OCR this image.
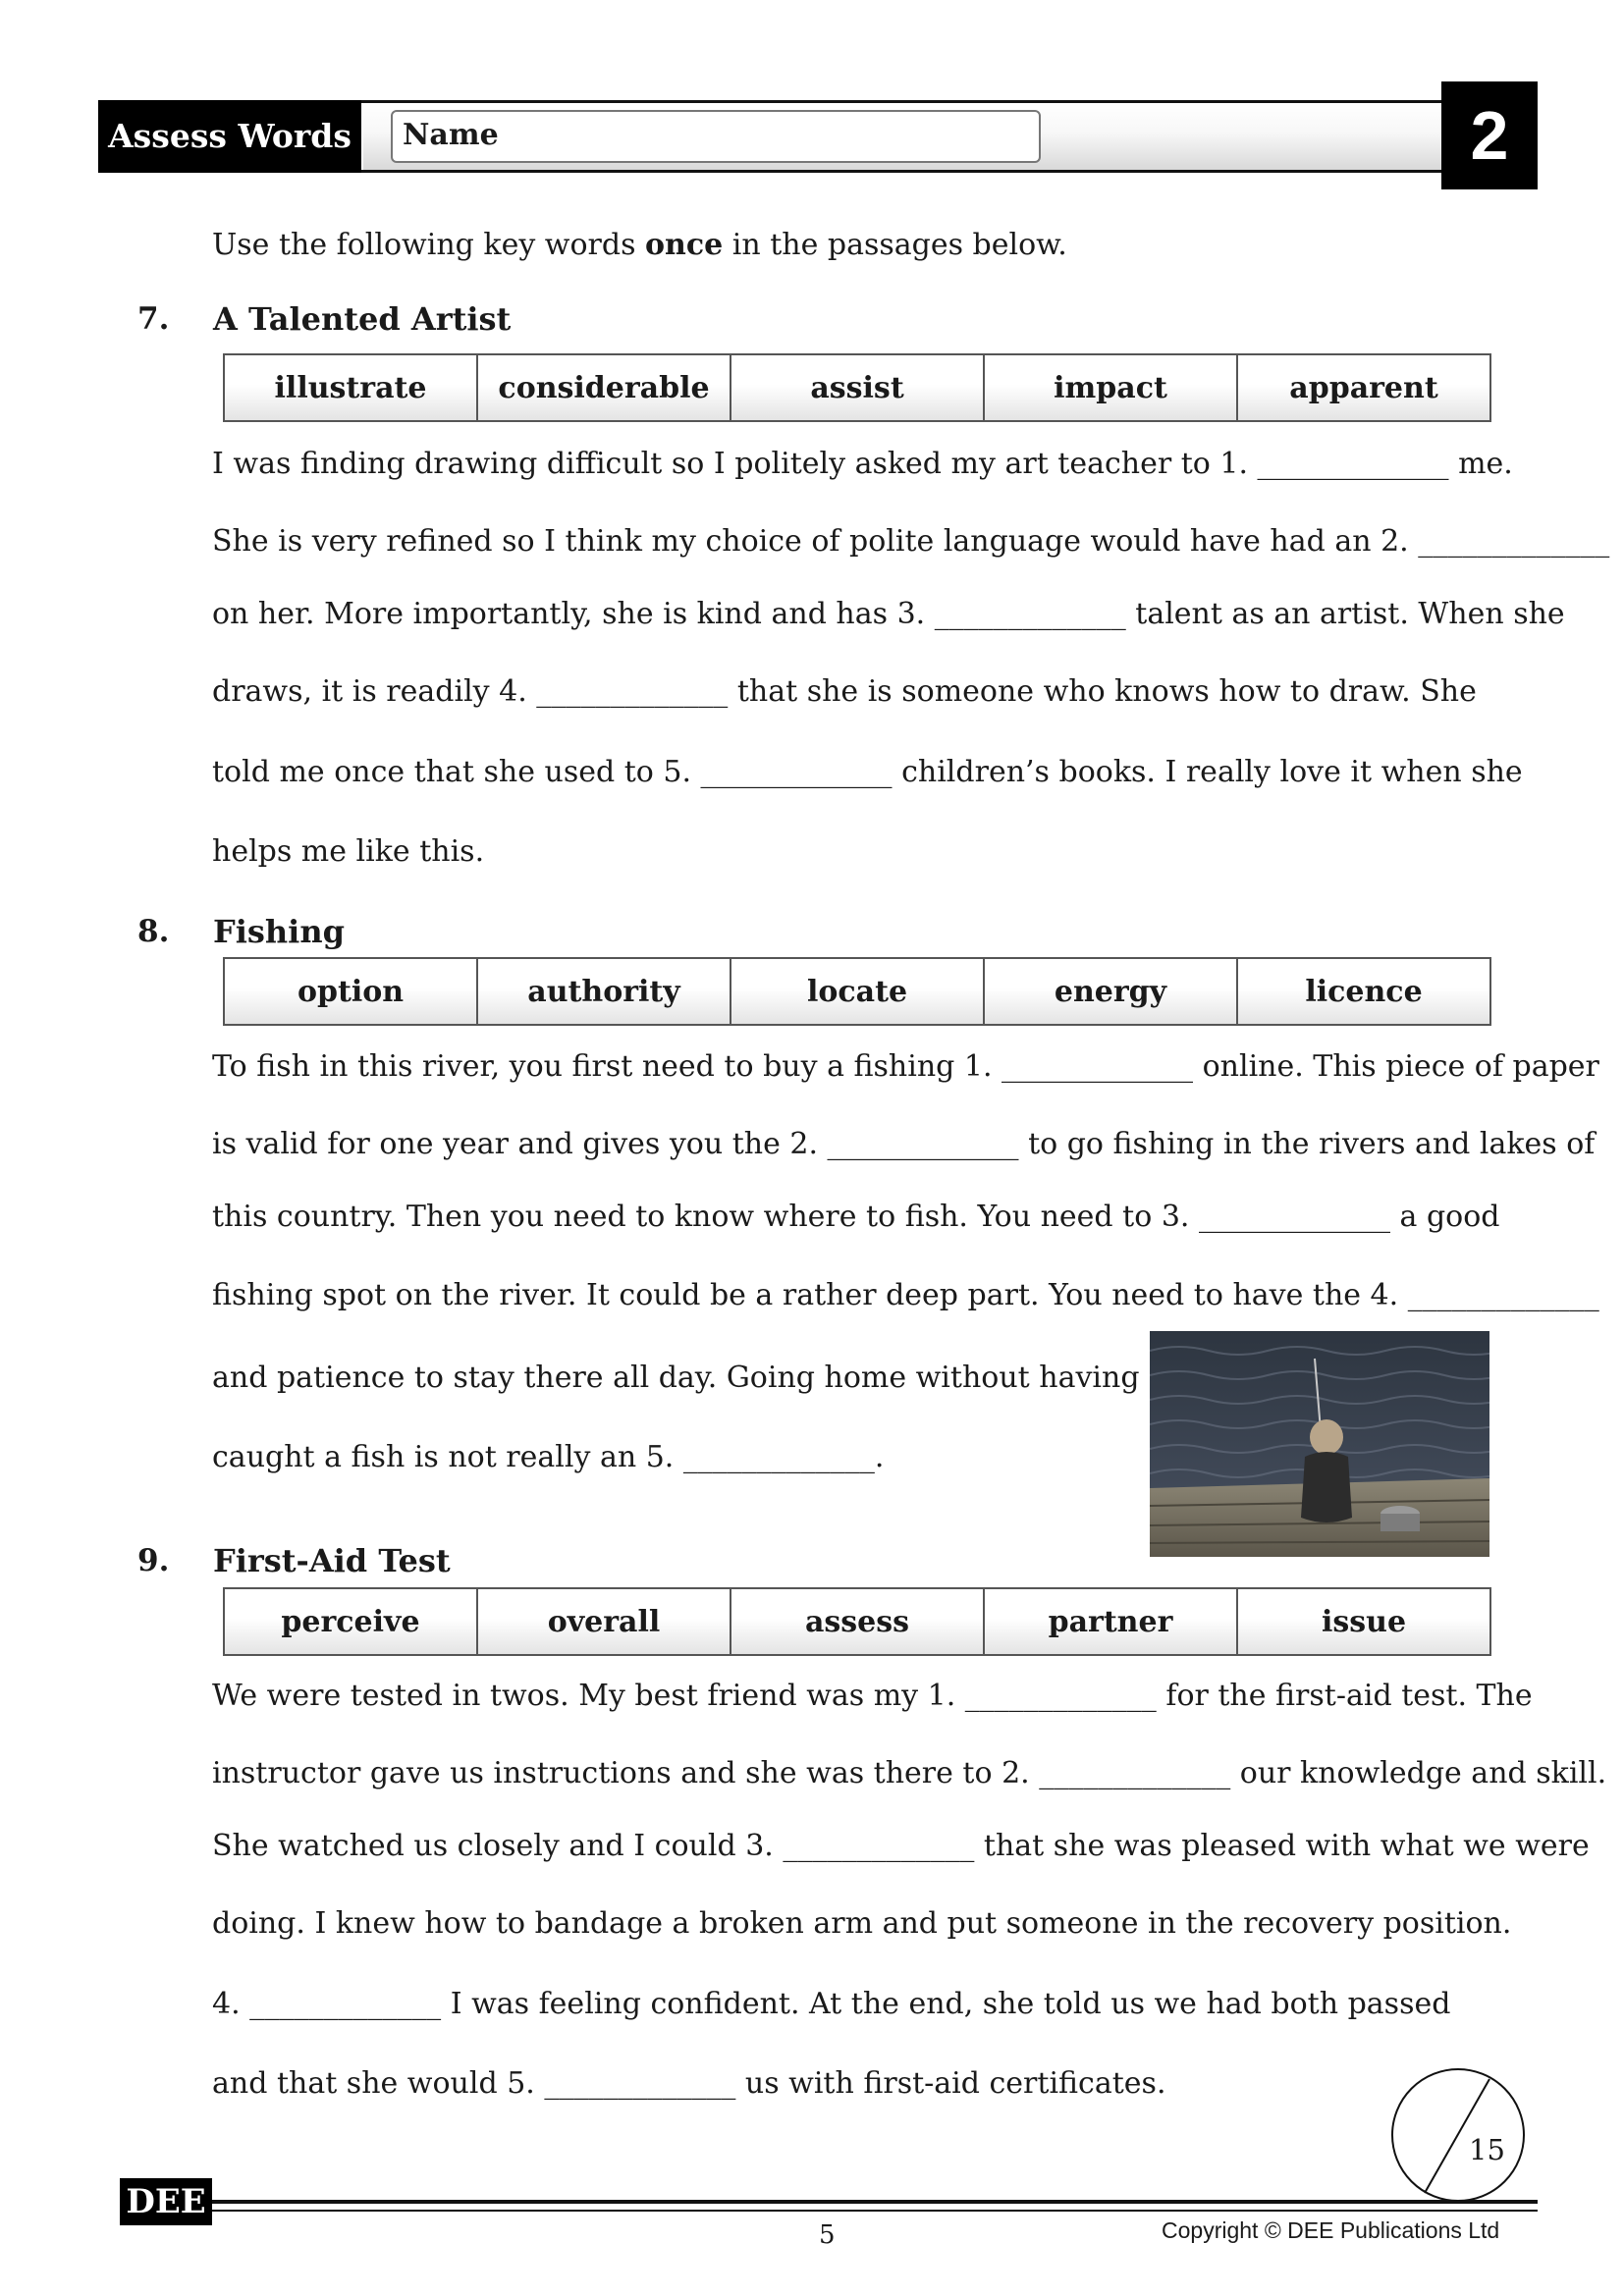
Assess Words 8
Name	2
Use the following key words once in the passages below.
7. A Talented Artist
illustrate	considerable	assist	impact	apparent
I was finding drawing difficult so I politely asked my art teacher to 1. _____________ me.
She is very refined so I think my choice of polite language would have had an 2. _____________
on her. More importantly, she is kind and has 3. _____________ talent as an artist. When she
draws, it is readily 4. _____________ that she is someone who knows how to draw. She
told me once that she used to 5. _____________ children’s books. I really love it when she
helps me like this.
8. Fishing
option	authority	locate	energy	licence
To fish in this river, you first need to buy a fishing 1. _____________ online. This piece of paper
is valid for one year and gives you the 2. _____________ to go fishing in the rivers and lakes of
this country. Then you need to know where to fish. You need to 3. _____________ a good
fishing spot on the river. It could be a rather deep part. You need to have the 4. _____________
and patience to stay there all day. Going home without having
caught a fish is not really an 5. _____________.
9. First-Aid Test
perceive	overall	assess	partner	issue
We were tested in twos. My best friend was my 1. _____________ for the first-aid test. The
instructor gave us instructions and she was there to 2. _____________ our knowledge and skill.
She watched us closely and I could 3. _____________ that she was pleased with what we were
doing. I knew how to bandage a broken arm and put someone in the recovery position.
4. _____________ I was feeling confident. At the end, she told us we had both passed
and that she would 5. _____________ us with first-aid certificates.
15
DEE
5	Copyright © DEE Publications Ltd
